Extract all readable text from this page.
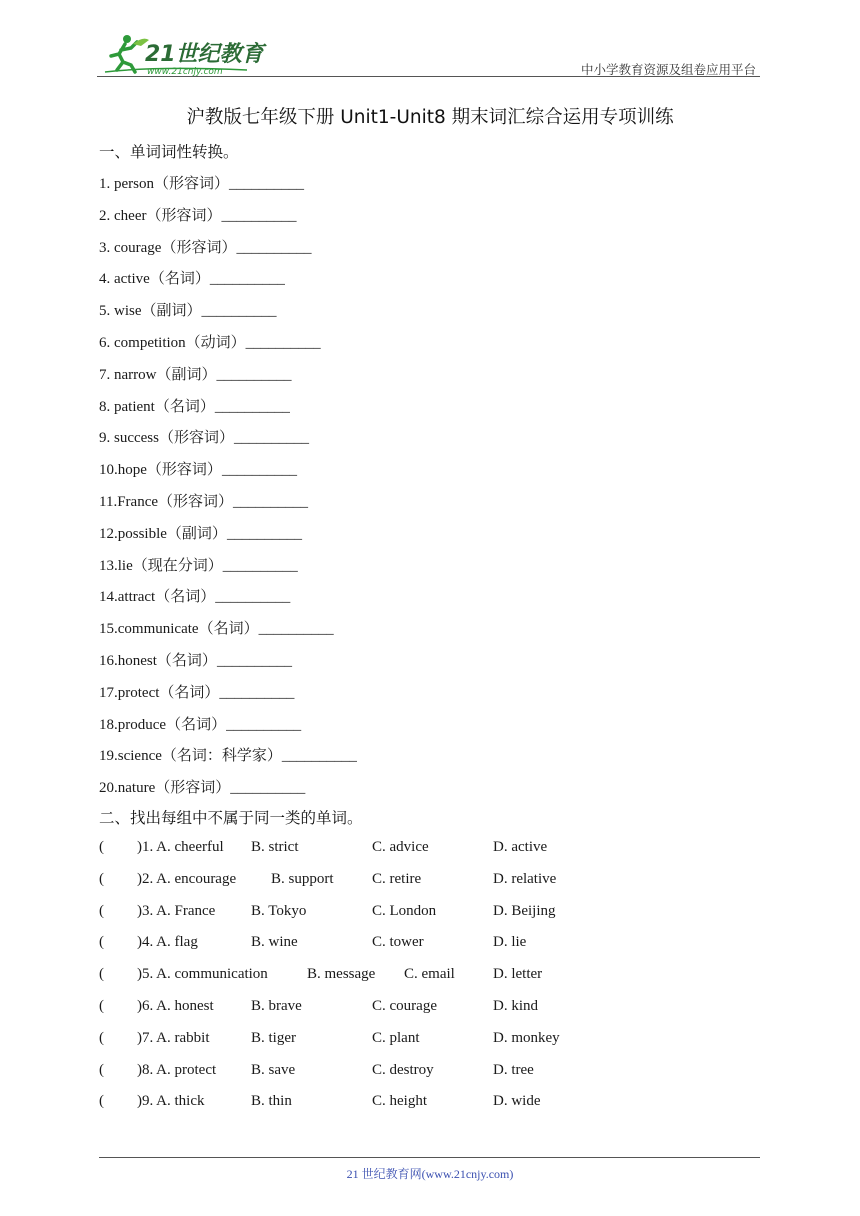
21世纪教育
www.21cnjy.com	中小学教育资源及组卷应用平台
沪教版七年级下册 Unit1-Unit8 期末词汇综合运用专项训练
一、单词词性转换。
1. person（形容词）__________
2. cheer（形容词）__________
3. courage（形容词）__________
4. active（名词）__________
5. wise（副词）__________
6. competition（动词）__________
7. narrow（副词）__________
8. patient（名词）__________
9. success（形容词）__________
10.hope（形容词）__________
11.France（形容词）__________
12.possible（副词）__________
13.lie（现在分词）__________
14.attract（名词）__________
15.communicate（名词）__________
16.honest（名词）__________
17.protect（名词）__________
18.produce（名词）__________
19.science（名词：科学家）__________
20.nature（形容词）__________
二、找出每组中不属于同一类的单词。
( )1. A. cheerful B. strict	C. advice	D. active
( )2. A. encourage B. support	C. retire	D. relative
( )3. A. France B. Tokyo	C. London	D. Beijing
( )4. A. flag	B. wine	C. tower	D. lie
( )5. A. communication	B. message C. email	D. letter
( )6. A. honest B. brave	C. courage	D. kind
( )7. A. rabbit	B. tiger	C. plant	D. monkey
( )8. A. protect B. save	C. destroy	D. tree
( )9. A. thick	B. thin	C. height	D. wide
21 世纪教育网(www.21cnjy.com)
